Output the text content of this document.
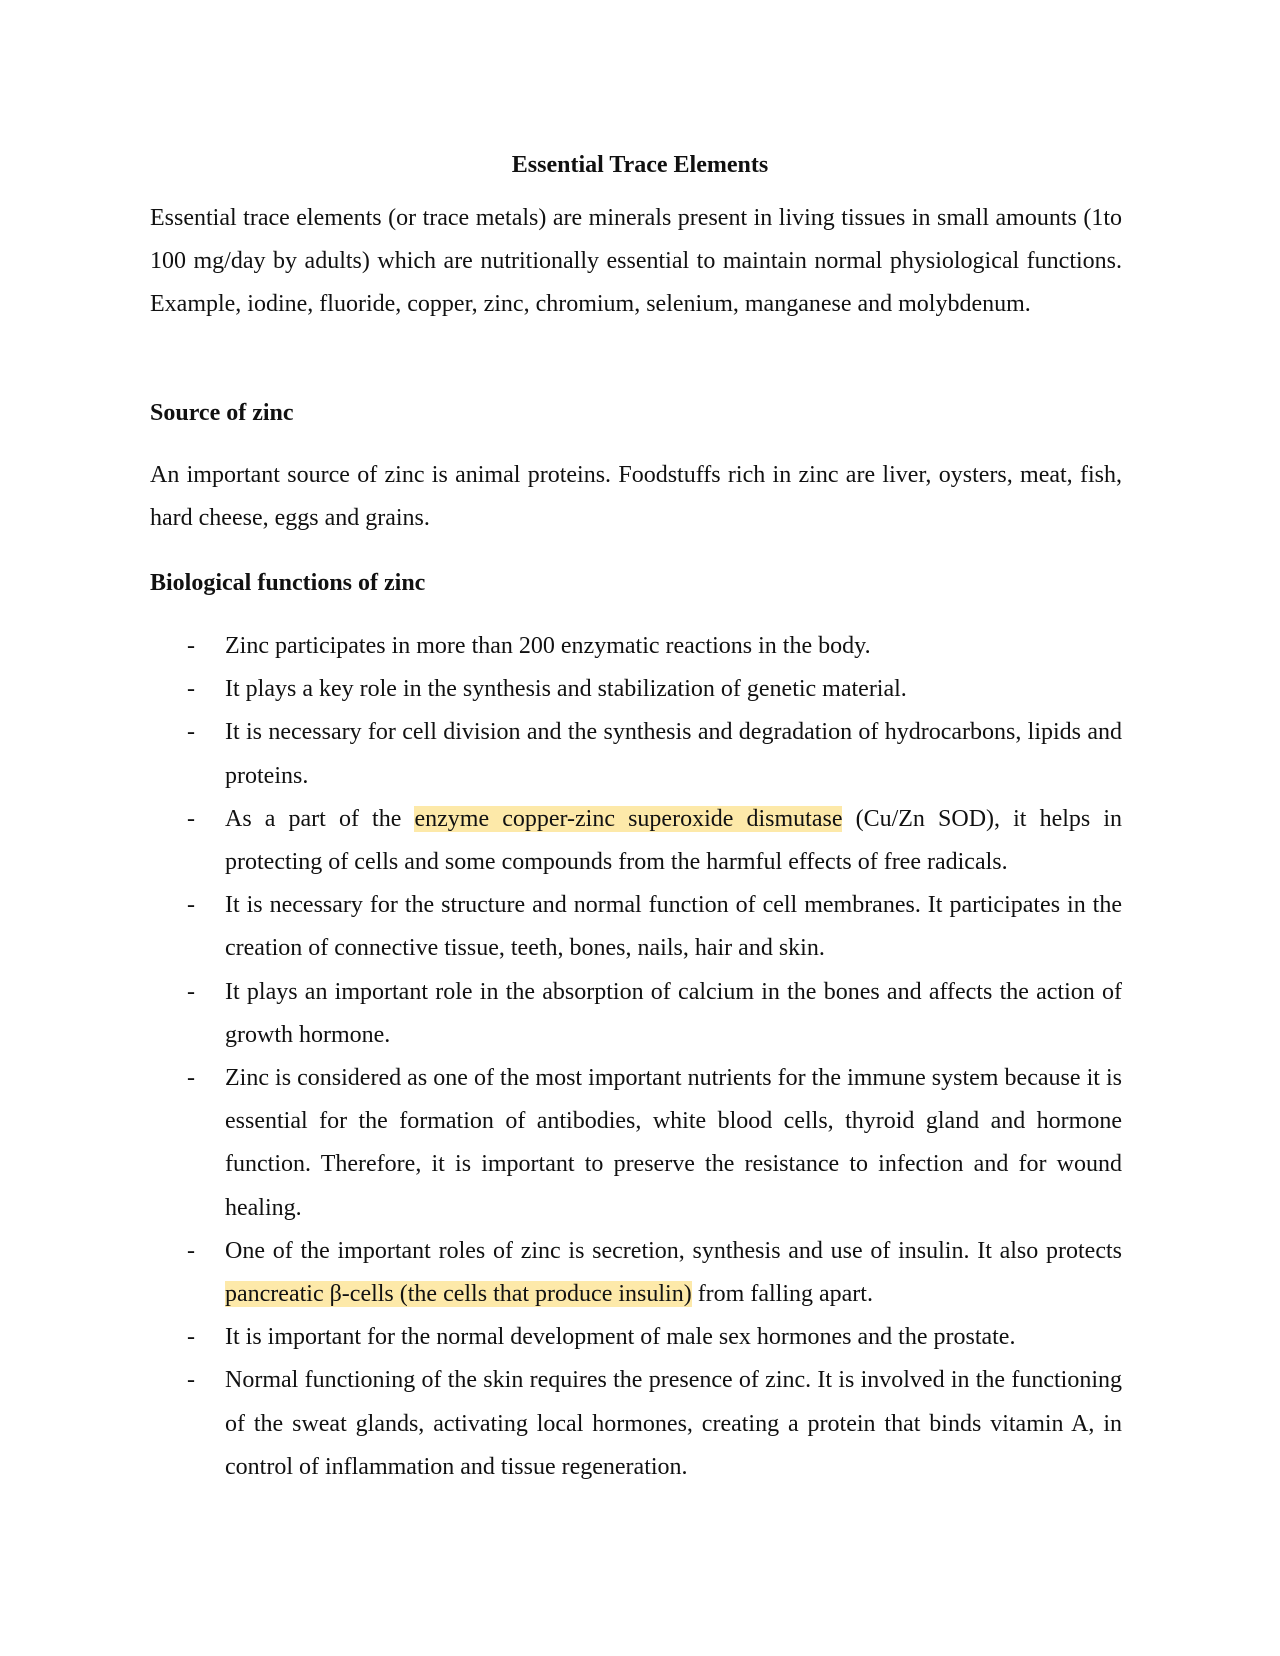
Essential Trace Elements
Essential trace elements (or trace metals) are minerals present in living tissues in small amounts (1to 100 mg/day by adults) which are nutritionally essential to maintain normal physiological functions. Example, iodine, fluoride, copper, zinc, chromium, selenium, manganese and molybdenum.
Source of zinc
An important source of zinc is animal proteins. Foodstuffs rich in zinc are liver, oysters, meat, fish, hard cheese, eggs and grains.
Biological functions of zinc
-	Zinc participates in more than 200 enzymatic reactions in the body.
-	It plays a key role in the synthesis and stabilization of genetic material.
-	It is necessary for cell division and the synthesis and degradation of hydrocarbons, lipids and proteins.
-	As a part of the enzyme copper-zinc superoxide dismutase (Cu/Zn SOD), it helps in protecting of cells and some compounds from the harmful effects of free radicals.
-	It is necessary for the structure and normal function of cell membranes. It participates in the creation of connective tissue, teeth, bones, nails, hair and skin.
-	It plays an important role in the absorption of calcium in the bones and affects the action of growth hormone.
-	Zinc is considered as one of the most important nutrients for the immune system because it is essential for the formation of antibodies, white blood cells, thyroid gland and hormone function. Therefore, it is important to preserve the resistance to infection and for wound healing.
-	One of the important roles of zinc is secretion, synthesis and use of insulin. It also protects pancreatic β-cells (the cells that produce insulin) from falling apart.
-	It is important for the normal development of male sex hormones and the prostate.
-	Normal functioning of the skin requires the presence of zinc. It is involved in the functioning of the sweat glands, activating local hormones, creating a protein that binds vitamin A, in control of inflammation and tissue regeneration.
